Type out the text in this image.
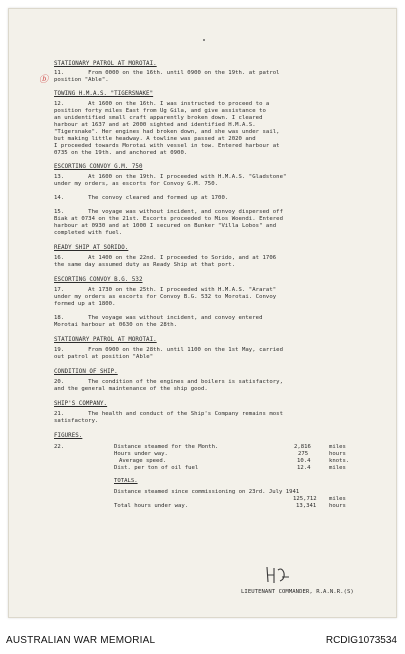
STATIONARY PATROL AT MOROTAI.
11.       From 0000 on the 16th. until 0900 on the 19th. at patrol
position "Able".
ⓑ
TOWING H.M.A.S. "TIGERSNAKE"
12.       At 1600 on the 16th. I was instructed to proceed to a
position forty miles East from Ug Gila, and give assistance to
an unidentified small craft apparently broken down. I cleared
harbour at 1637 and at 2000 sighted and identified H.M.A.S.
"Tigersnake". Her engines had broken down, and she was under sail,
but making little headway. A towline was passed at 2020 and
I proceeded towards Morotai with vessel in tow. Entered harbour at
0735 on the 19th. and anchored at 0900.
ESCORTING CONVOY G.M. 750
13.       At 1600 on the 19th. I proceeded with H.M.A.S. "Gladstone"
under my orders, as escorts for Convoy G.M. 750.
14.       The convoy cleared and formed up at 1700.
15.       The voyage was without incident, and convoy dispersed off
Biak at 0734 on the 21st. Escorts proceeded to Mios Woendi. Entered
harbour at 0930 and at 1000 I secured on Bunker "Villa Lobos" and
completed with fuel.
READY SHIP AT SORIDO.
16.       At 1400 on the 22nd. I proceeded to Sorido, and at 1706
the same day assumed duty as Ready Ship at that port.
ESCORTING CONVOY B.G. 532
17.       At 1730 on the 25th. I proceeded with H.M.A.S. "Ararat"
under my orders as escorts for Convoy B.G. 532 to Morotai. Convoy
formed up at 1800.
18.       The voyage was without incident, and convoy entered
Morotai harbour at 0630 on the 28th.
STATIONARY PATROL AT MOROTAI.
19.       From 0900 on the 28th. until 1100 on the 1st May, carried
out patrol at position "Able"
CONDITION OF SHIP.
20.       The condition of the engines and boilers is satisfactory,
and the general maintenance of the ship good.
SHIP'S COMPANY.
21.       The health and conduct of the Ship's Company remains most
satisfactory.
FIGURES.
22.	Distance steamed for the Month.	2,816	miles
Hours under way.	275	hours
Average speed.	10.4	knots.
Dist. per ton of oil fuel	12.4	miles
TOTALS.
Distance steamed since commissioning on 23rd. July 1941
125,712 miles
Total hours under way.	13,341 hours
LIEUTENANT COMMANDER, R.A.N.R.(S)
AUSTRALIAN WAR MEMORIAL	RCDIG1073534
